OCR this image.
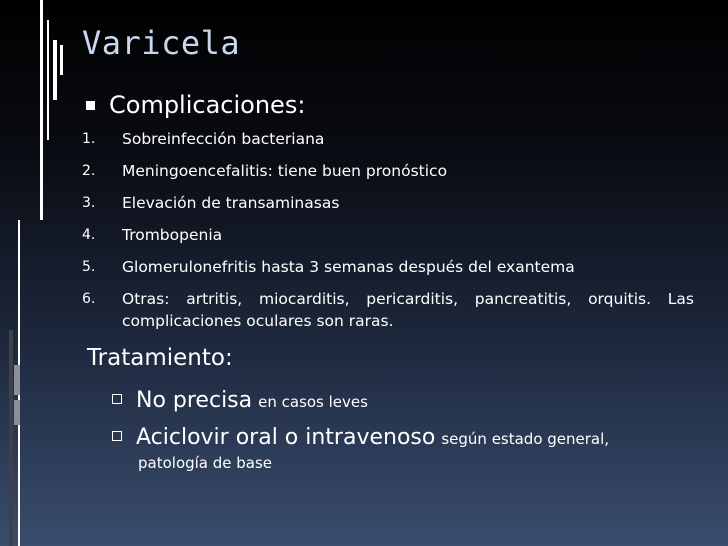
Varicela
Complicaciones:
1. Sobreinfección bacteriana
2. Meningoencefalitis: tiene buen pronóstico
3. Elevación de transaminasas
4. Trombopenia
5. Glomerulonefritis hasta 3 semanas después del exantema
6. Otras: artritis, miocarditis, pericarditis, pancreatitis, orquitis. Las complicaciones oculares son raras.
Tratamiento:
No precisa en casos leves
Aciclovir oral o intravenoso según estado general,
patología de base
